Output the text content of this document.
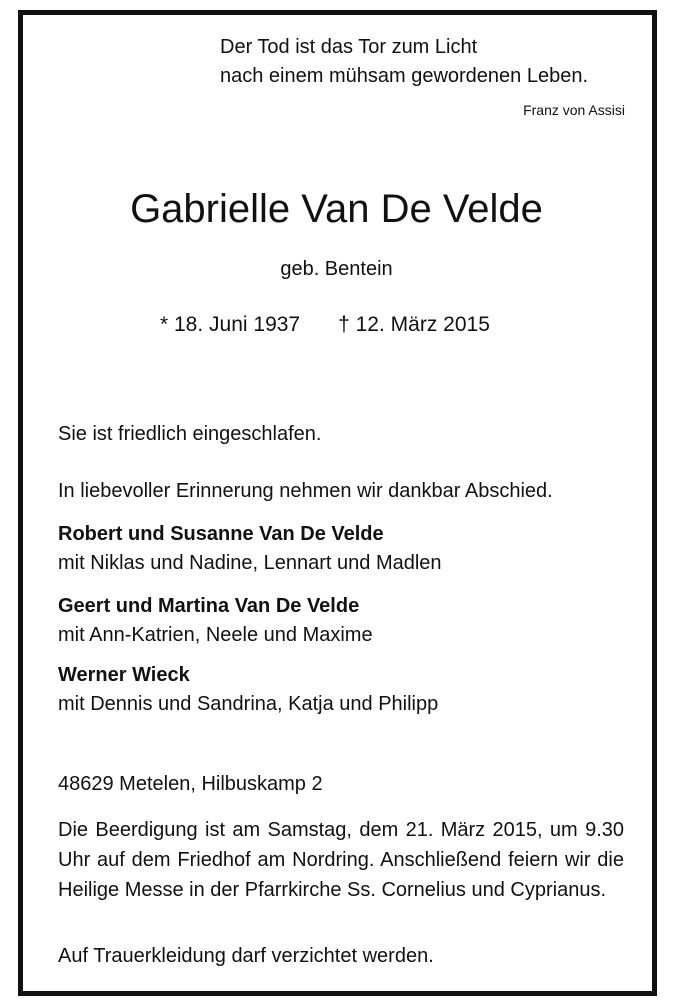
Der Tod ist das Tor zum Licht
nach einem mühsam gewordenen Leben.
Franz von Assisi
Gabrielle Van De Velde
geb. Bentein
* 18. Juni 1937 † 12. März 2015
Sie ist friedlich eingeschlafen.
In liebevoller Erinnerung nehmen wir dankbar Abschied.
Robert und Susanne Van De Velde
mit Niklas und Nadine, Lennart und Madlen
Geert und Martina Van De Velde
mit Ann-Katrien, Neele und Maxime
Werner Wieck
mit Dennis und Sandrina, Katja und Philipp
48629 Metelen, Hilbuskamp 2
Die Beerdigung ist am Samstag, dem 21. März 2015, um 9.30 Uhr auf dem Friedhof am Nordring. Anschließend feiern wir die Heilige Messe in der Pfarrkirche Ss. Cornelius und Cyprianus.
Auf Trauerkleidung darf verzichtet werden.
